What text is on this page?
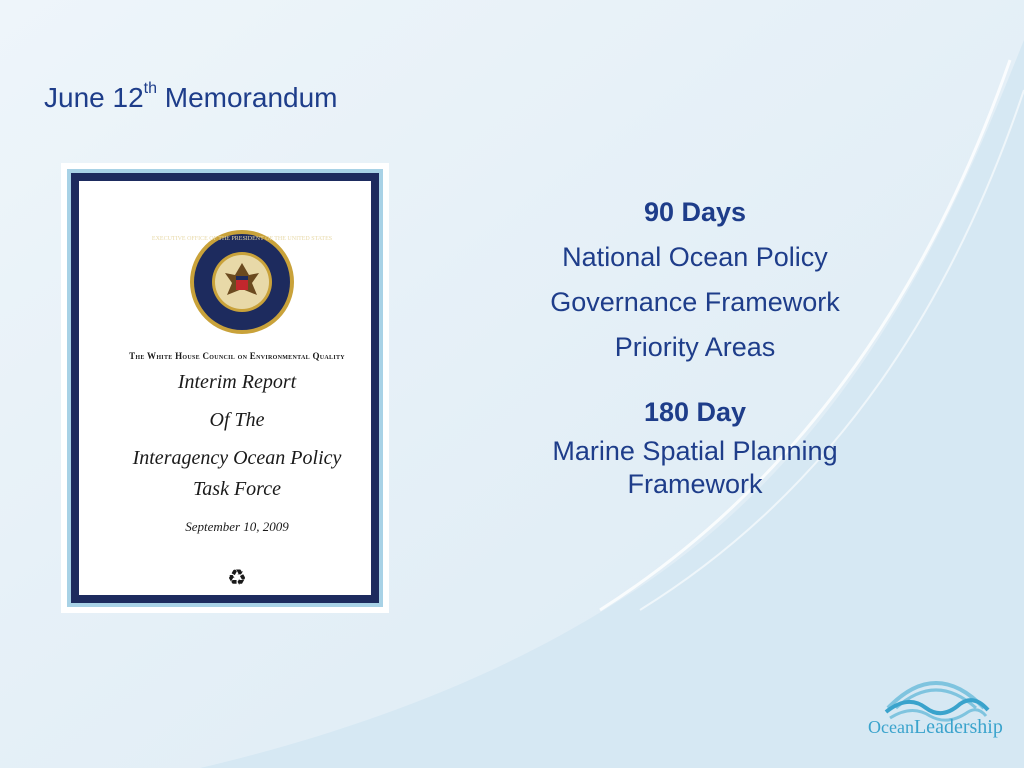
June 12th Memorandum
EXECUTIVE OFFICE OF THE PRESIDENT OF THE UNITED STATES
The White House Council on Environmental Quality
Interim Report
Of The
Interagency Ocean Policy
Task Force
September 10, 2009
♻
90 Days
National Ocean Policy
Governance Framework
Priority Areas
180 Day
Marine Spatial Planning
Framework
OceanLeadership
